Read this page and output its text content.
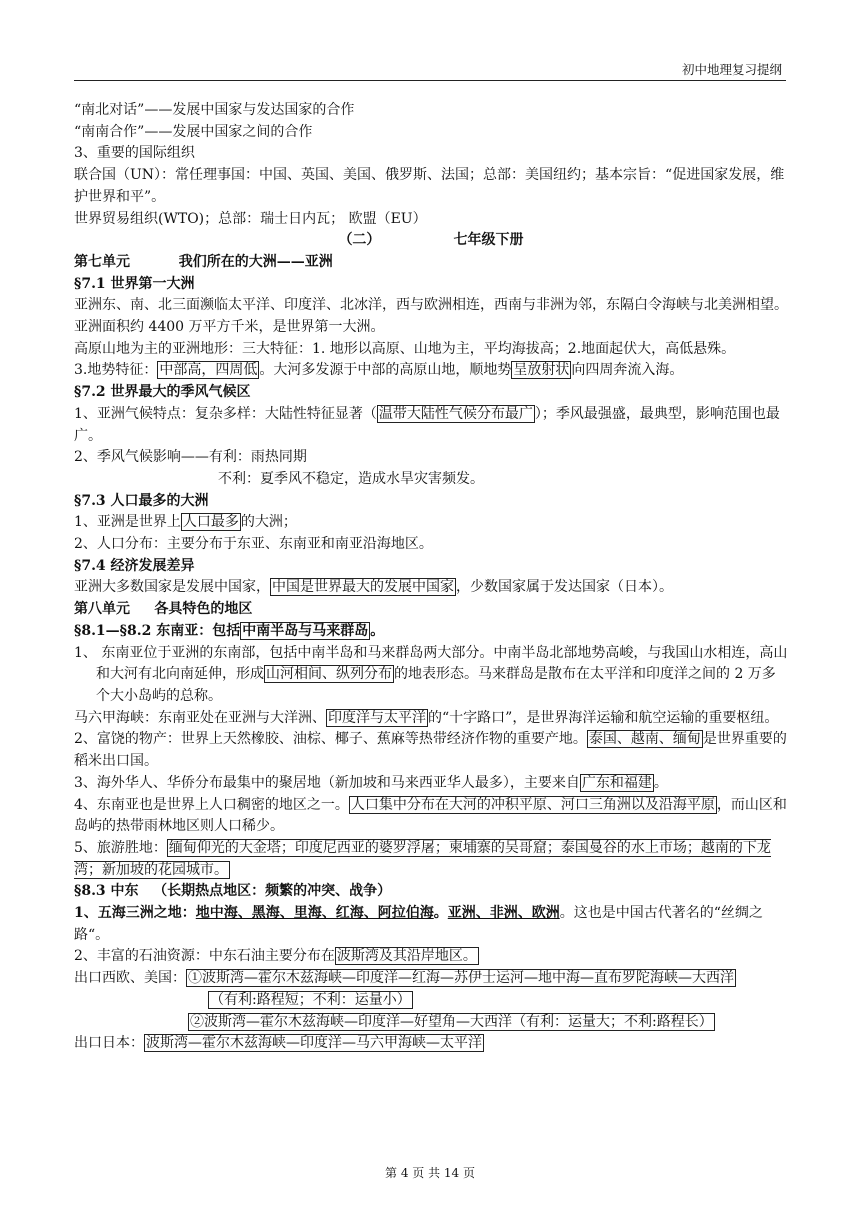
初中地理复习提纲
“南北对话”——发展中国家与发达国家的合作
“南南合作”——发展中国家之间的合作
3、重要的国际组织
联合国（UN）：常任理事国：中国、英国、美国、俄罗斯、法国；总部：美国纽约；基本宗旨：“促进国家发展，维护世界和平”。
世界贸易组织(WTO)；总部：瑞士日内瓦； 欧盟（EU）
（二）               七年级下册
第七单元          我们所在的大洲——亚洲
§7.1 世界第一大洲
亚洲东、南、北三面濒临太平洋、印度洋、北冰洋，西与欧洲相连，西南与非洲为邻，东隔白令海峡与北美洲相望。亚洲面积约 4400 万平方千米，是世界第一大洲。
高原山地为主的亚洲地形：三大特征：1. 地形以高原、山地为主，平均海拔高；2.地面起伏大，高低悬殊。
3.地势特征： 中部高，四周低 。大河多发源于中部的高原山地，顺地势 呈放射状 向四周奔流入海。
§7.2 世界最大的季风气候区
1、亚洲气候特点：复杂多样：大陆性特征显著（ 温带大陆性气候分布最广 ）；季风最强盛，最典型，影响范围也最广。
2、季风气候影响——有利：雨热同期
不利：夏季风不稳定，造成水旱灾害频发。
§7.3 人口最多的大洲
1、亚洲是世界上 人口最多 的大洲；
2、人口分布：主要分布于东亚、东南亚和南亚沿海地区。
§7.4 经济发展差异
亚洲大多数国家是发展中国家， 中国是世界最大的发展中国家 ，少数国家属于发达国家（日本）。
第八单元     各具特色的地区
§8.1—§8.2 东南亚：包括 中南半岛与马来群岛 。
1、 东南亚位于亚洲的东南部，包括中南半岛和马来群岛两大部分。中南半岛北部地势高峻，与我国山水相连，高山和大河有北向南延伸，形成 山河相间、纵列分布 的地表形态。马来群岛是散布在太平洋和印度洋之间的 2 万多个大小岛屿的总称。
马六甲海峡：东南亚处在亚洲与大洋洲、 印度洋与太平洋 的“十字路口”，是世界海洋运输和航空运输的重要枢纽。
2、富饶的物产：世界上天然橡胶、油棕、椰子、蕉麻等热带经济作物的重要产地。 泰国、越南、缅甸 是世界重要的稻米出口国。
3、海外华人、华侨分布最集中的聚居地（新加坡和马来西亚华人最多），主要来自 广东和福建 。
4、东南亚也是世界上人口稠密的地区之一。 人口集中分布在大河的冲积平原、河口三角洲以及沿海平原 ，而山区和岛屿的热带雨林地区则人口稀少。
5、旅游胜地： 缅甸仰光的大金塔；印度尼西亚的婆罗浮屠；柬埔寨的吴哥窟；泰国曼谷的水上市场；越南的下龙湾；新加坡的花园城市。
§8.3 中东   （长期热点地区：频繁的冲突、战争）
1、五海三洲之地：地中海、黑海、里海、红海、阿拉伯海。亚洲、非洲、欧洲。这也是中国古代著名的“丝绸之路“。
2、丰富的石油资源：中东石油主要分布在 波斯湾及其沿岸地区。
出口西欧、美国： ①波斯湾—霍尔木兹海峡—印度洋—红海—苏伊士运河—地中海—直布罗陀海峡—大西洋
（有利:路程短；不利：运量小）
②波斯湾—霍尔木兹海峡—印度洋—好望角—大西洋（有利：运量大；不利:路程长）
出口日本： 波斯湾—霍尔木兹海峡—印度洋—马六甲海峡—太平洋
第 4 页 共 14 页
